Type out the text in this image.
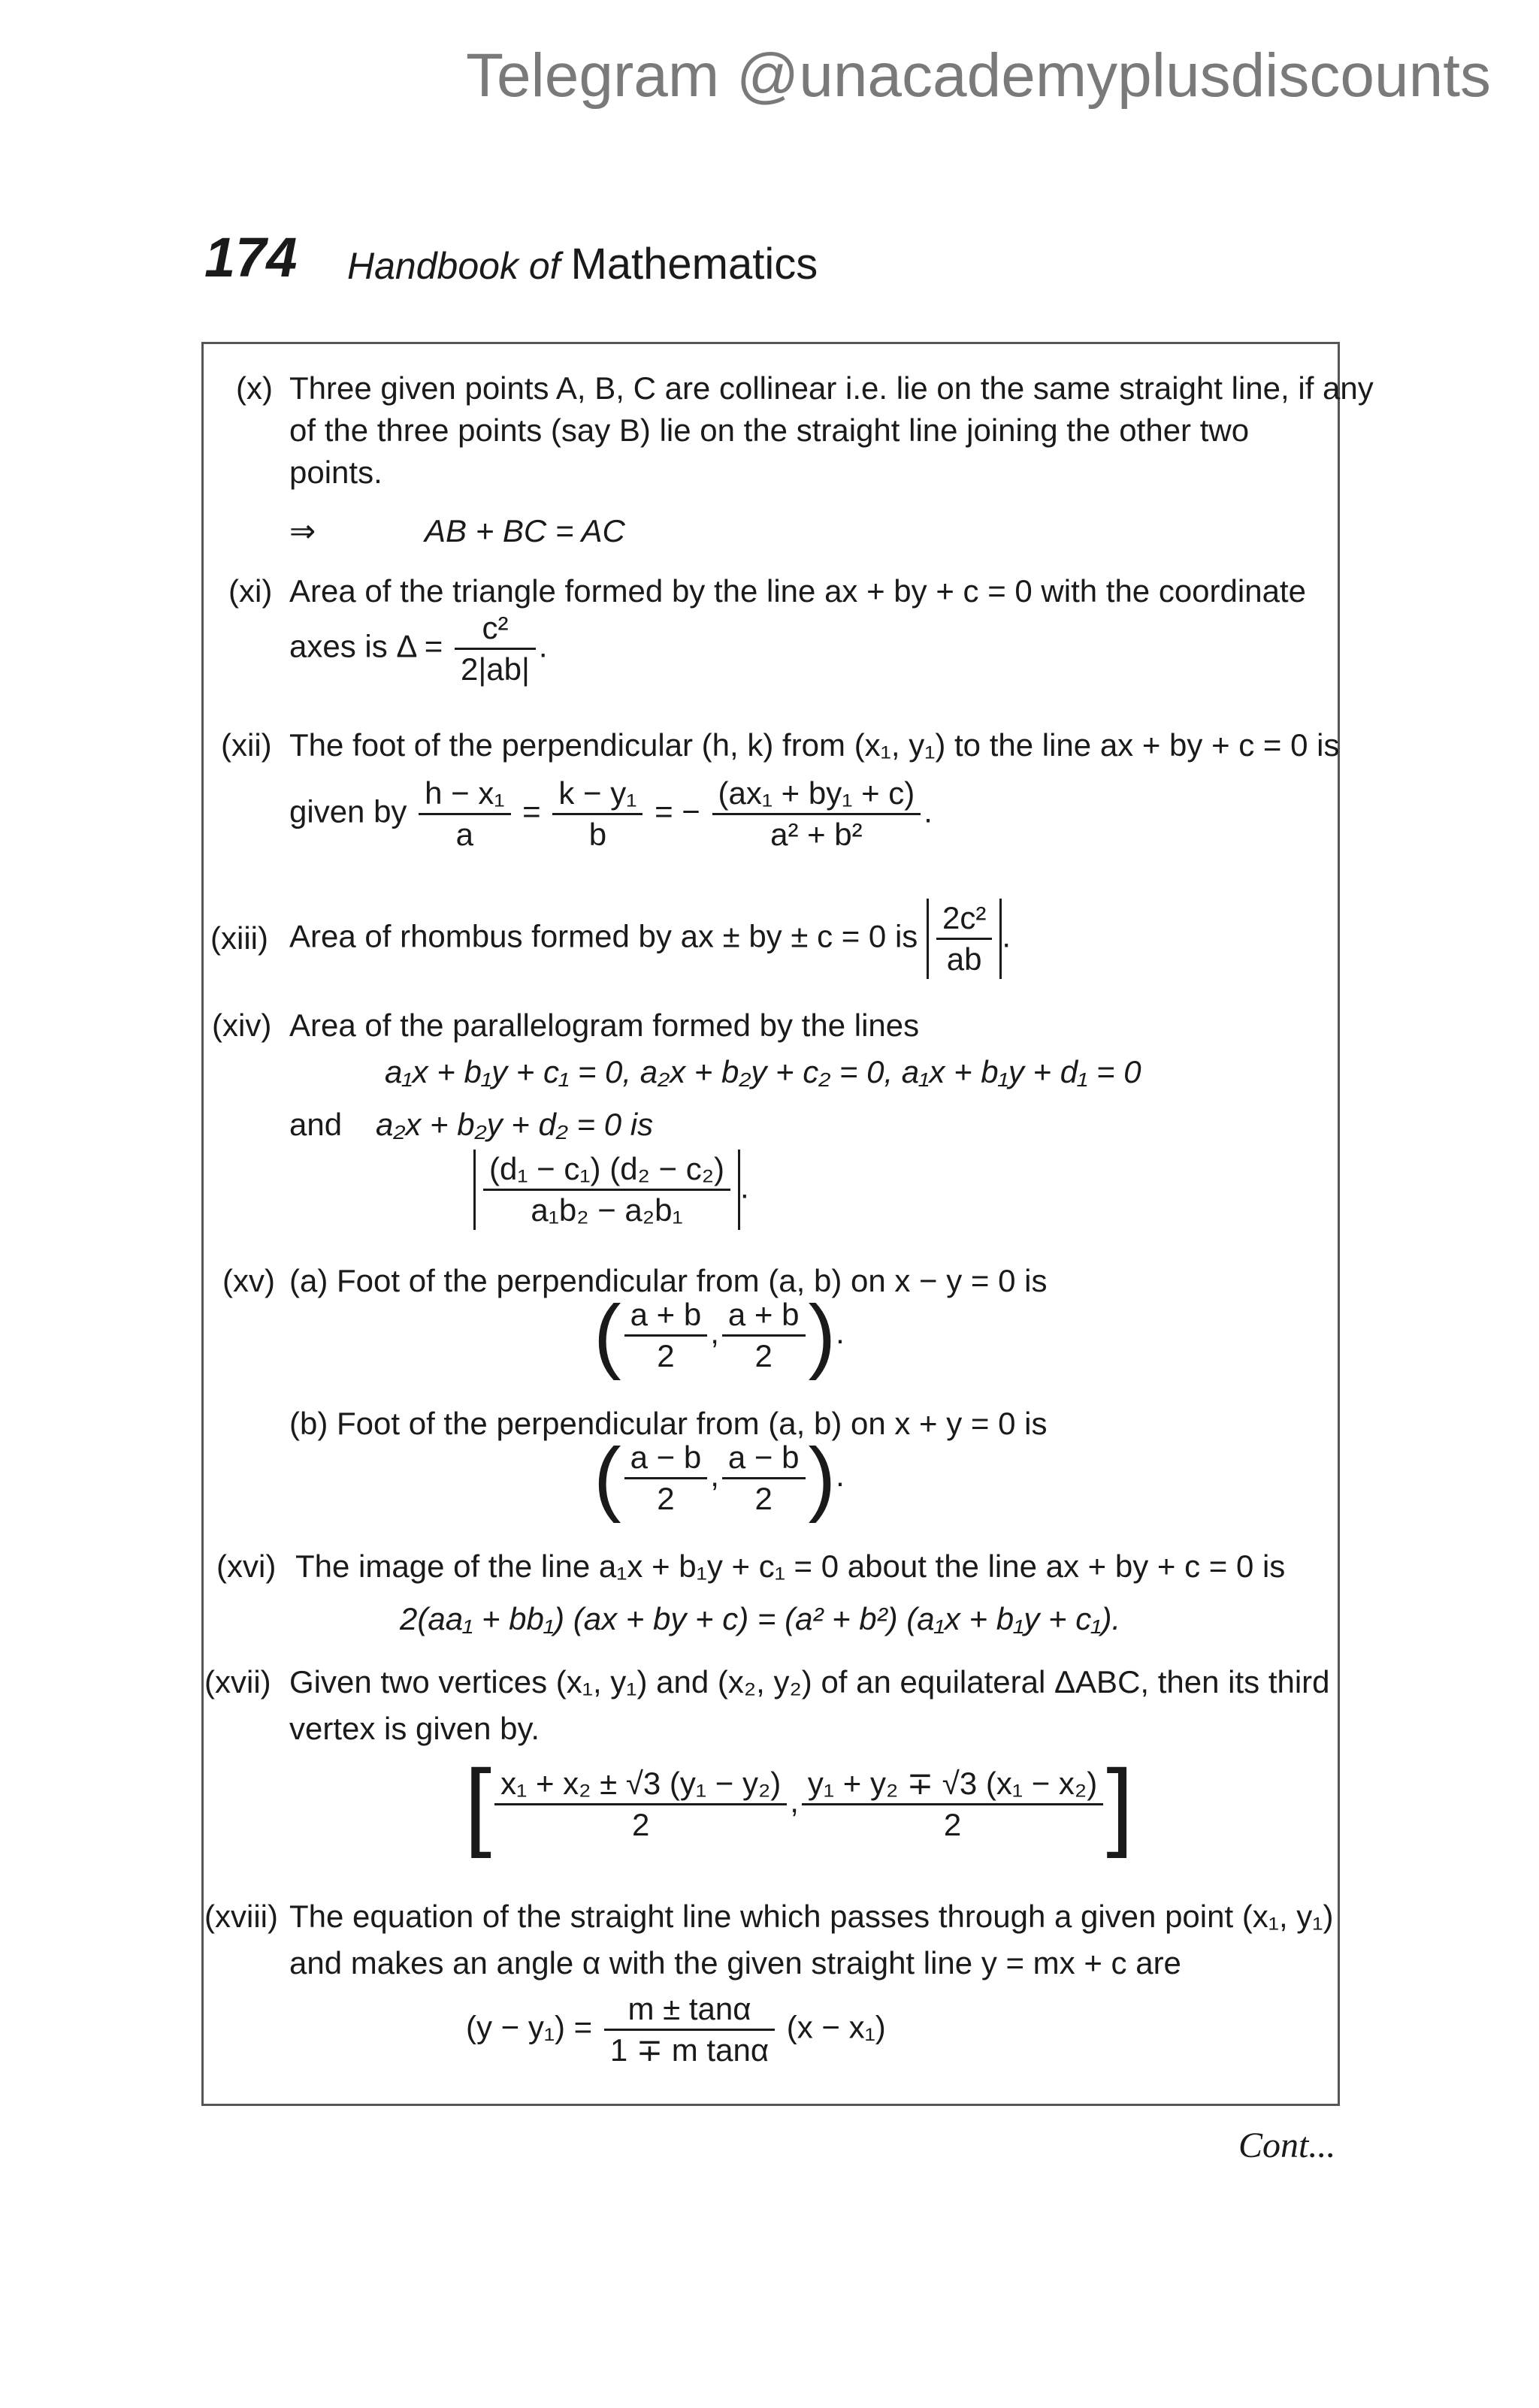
Telegram @unacademyplusdiscounts
174 Handbook of Mathematics
(x) Three given points A, B, C are collinear i.e. lie on the same straight line, if any
of the three points (say B) lie on the straight line joining the other two
points.
⇒	AB + BC = AC
(xi) Area of the triangle formed by the line ax + by + c = 0 with the coordinate
axes is $\Delta = \frac{\text{c²}}{2|ab|}$ .
(xii) The foot of the perpendicular (h, k) from (x₁, y₁) to the line ax + by + c = 0 is
given by $\frac{\text{h − x₁}}{a} = \frac{\text{k − y₁}}{b}$ = − $\frac{\text{(ax₁ + by₁ + c)}}{\text{a² + b²}}$ .
(xiii) Area of rhombus formed by ax ± by ± c = 0 is $\frac{\text{2c²}}{ab}$ .
(xiv) Area of the parallelogram formed by the lines
a₁x + b₁y + c₁ = 0, a₂x + b₂y + c₂ = 0, a₁x + b₁y + d₁ = 0
and a₂x + b₂y + d₂ = 0 is
$\frac{\text{(d₁ − c₁) (d₂ − c₂)}}{\text{a₁b₂ − a₂b₁}}$ .
(xv) (a) Foot of the perpendicular from (a, b) on x − y = 0 is
( $\frac{a + b}{2}$ , $\frac{a + b}{2}$ ).
(b) Foot of the perpendicular from (a, b) on x + y = 0 is
( $\frac{a - b}{2}$ , $\frac{a - b}{2}$ ).
(xvi) The image of the line a₁x + b₁y + c₁ = 0 about the line ax + by + c = 0 is
2(aa₁ + bb₁) (ax + by + c) = (a² + b²) (a₁x + b₁y + c₁).
(xvii) Given two vertices (x₁, y₁) and (x₂, y₂) of an equilateral ΔABC, then its third
vertex is given by.
[ $\frac{\text{x₁ + x₂ ± √3 (y₁ − y₂)}}{2}$ , $\frac{\text{y₁ + y₂ ∓ √3 (x₁ − x₂)}}{2}$ ]
(xviii) The equation of the straight line which passes through a given point (x₁, y₁)
and makes an angle α with the given straight line y = mx + c are
$(y - y_1) = \frac{m \pm \tan\alpha}{\text{1 ∓ m tanα}} (x - x_1)$
Cont...
